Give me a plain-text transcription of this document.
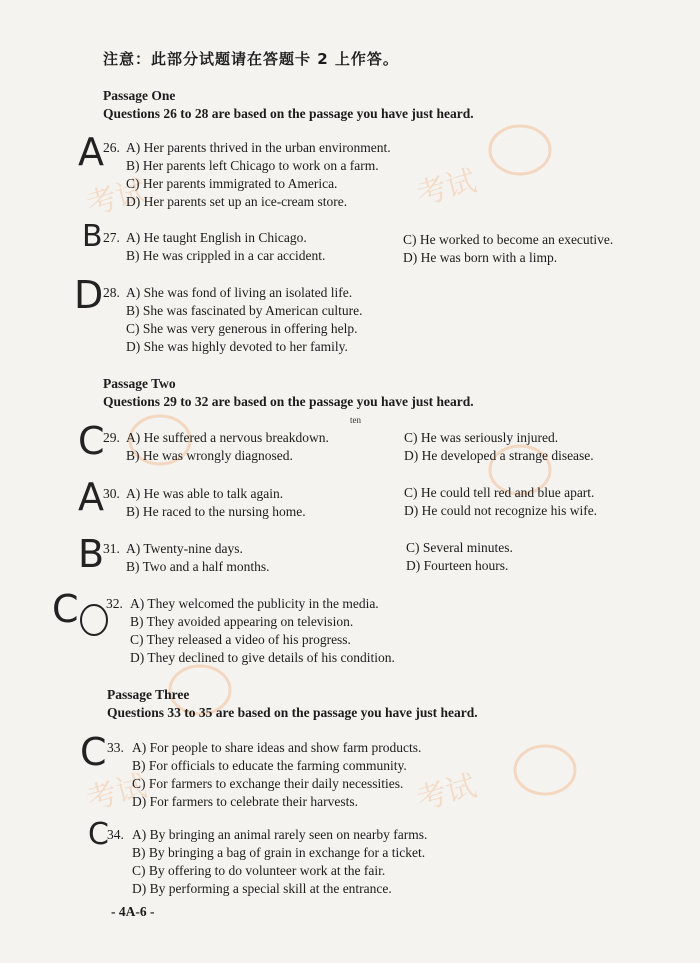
考试
考试
考试
考试
注意：此部分试题请在答题卡 2 上作答。
Passage One
Questions 26 to 28 are based on the passage you have just heard.
A 26. A) Her parents thrived in the urban environment.
B) Her parents left Chicago to work on a farm.
C) Her parents immigrated to America.
D) Her parents set up an ice-cream store.
B 27. A) He taught English in Chicago.
B) He was crippled in a car accident.
C) He worked to become an executive.
D) He was born with a limp.
D 28. A) She was fond of living an isolated life.
B) She was fascinated by American culture.
C) She was very generous in offering help.
D) She was highly devoted to her family.
Passage Two
Questions 29 to 32 are based on the passage you have just heard.
ten
C
29. A) He suffered a nervous breakdown.
B) He was wrongly diagnosed.
C) He was seriously injured.
D) He developed a strange disease.
A 30. A) He was able to talk again.
B) He raced to the nursing home.
C) He could tell red and blue apart.
D) He could not recognize his wife.
B
31. A) Twenty-nine days.
B) Two and a half months.
C) Several minutes.
D) Fourteen hours.
C 32. A) They welcomed the publicity in the media.
B) They avoided appearing on television.
C) They released a video of his progress.
D) They declined to give details of his condition.
Passage Three
Questions 33 to 35 are based on the passage you have just heard.
C 33. A) For people to share ideas and show farm products.
B) For officials to educate the farming community.
C) For farmers to exchange their daily necessities.
D) For farmers to celebrate their harvests.
C
34. A) By bringing an animal rarely seen on nearby farms.
B) By bringing a bag of grain in exchange for a ticket.
C) By offering to do volunteer work at the fair.
D) By performing a special skill at the entrance.
- 4A-6 -
